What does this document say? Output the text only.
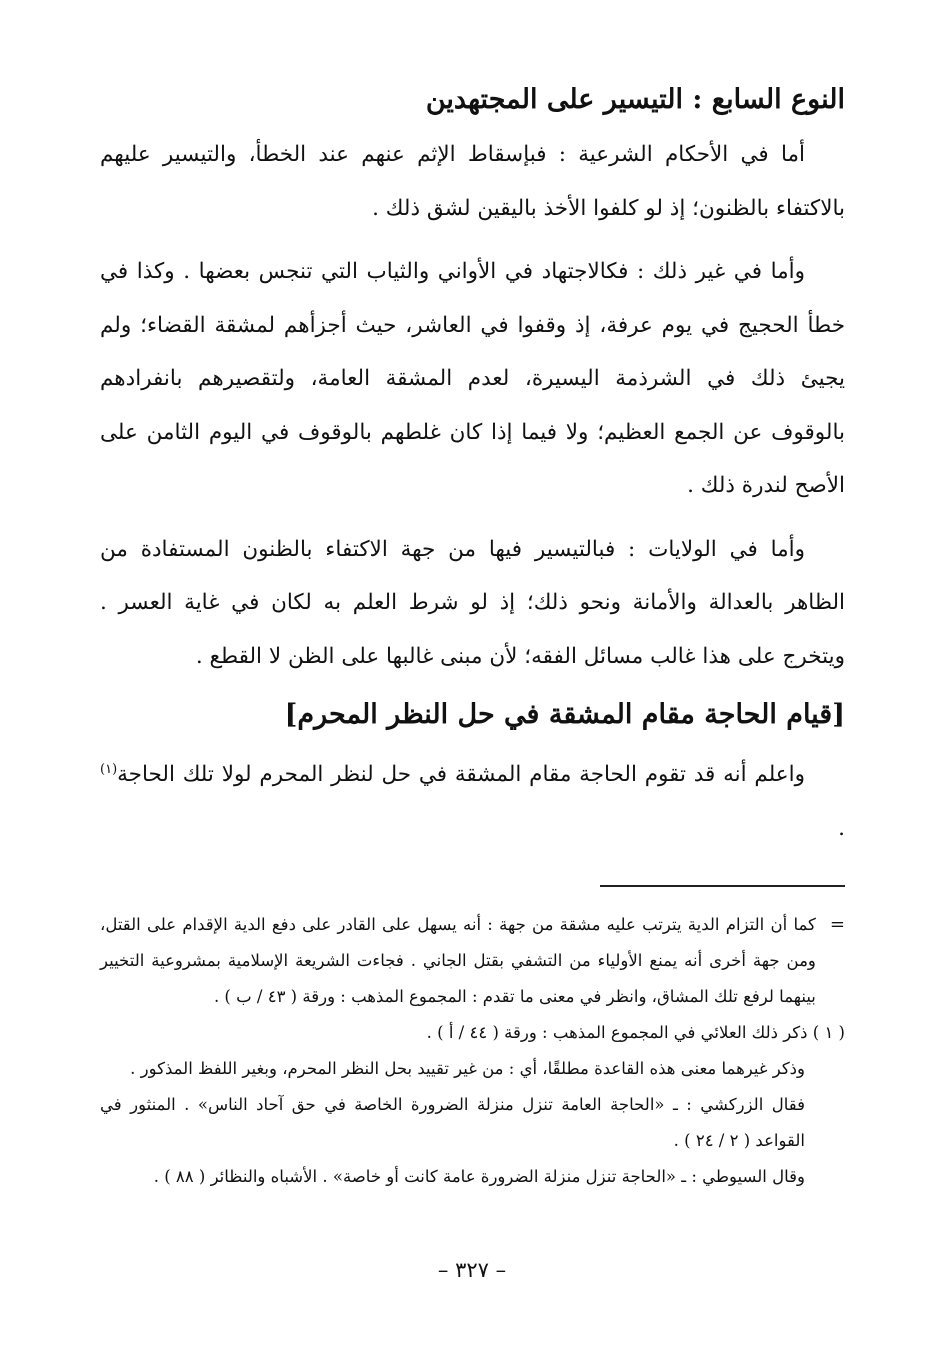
النوع السابع : التيسير على المجتهدين

أما في الأحكام الشرعية : فبإسقاط الإثم عنهم عند الخطأ، والتيسير عليهم بالاكتفاء بالظنون؛ إذ لو كلفوا الأخذ باليقين لشق ذلك .

وأما في غير ذلك : فكالاجتهاد في الأواني والثياب التي تنجس بعضها . وكذا في خطأ الحجيج في يوم عرفة، إذ وقفوا في العاشر، حيث أجزأهم لمشقة القضاء؛ ولم يجيئ ذلك في الشرذمة اليسيرة، لعدم المشقة العامة، ولتقصيرهم بانفرادهم بالوقوف عن الجمع العظيم؛ ولا فيما إذا كان غلطهم بالوقوف في اليوم الثامن على الأصح لندرة ذلك .

وأما في الولايات : فبالتيسير فيها من جهة الاكتفاء بالظنون المستفادة من الظاهر بالعدالة والأمانة ونحو ذلك؛ إذ لو شرط العلم به لكان في غاية العسر . ويتخرج على هذا غالب مسائل الفقه؛ لأن مبنى غالبها على الظن لا القطع .

[قيام الحاجة مقام المشقة في حل النظر المحرم]

واعلم أنه قد تقوم الحاجة مقام المشقة في حل لنظر المحرم لولا تلك الحاجة$^{(١)}$ .

=
كما أن التزام الدية يترتب عليه مشقة من جهة : أنه يسهل على القادر على دفع الدية الإقدام على القتل، ومن جهة أخرى أنه يمنع الأولياء من التشفي بقتل الجاني . فجاءت الشريعة الإسلامية بمشروعية التخيير بينهما لرفع تلك المشاق، وانظر في معنى ما تقدم : المجموع المذهب : ورقة ( ٤٣ / ب ) .

( ١ ) ذكر ذلك العلائي في المجموع المذهب : ورقة ( ٤٤ / أ ) .

وذكر غيرهما معنى هذه القاعدة مطلقًا، أي : من غير تقييد بحل النظر المحرم، وبغير اللفظ المذكور .

فقال الزركشي : ـ «الحاجة العامة تنزل منزلة الضرورة الخاصة في حق آحاد الناس» . المنثور في القواعد ( ٢ / ٢٤ ) .

وقال السيوطي : ـ «الحاجة تنزل منزلة الضرورة عامة كانت أو خاصة» . الأشباه والنظائر ( ٨٨ ) .

– ٣٢٧ –
